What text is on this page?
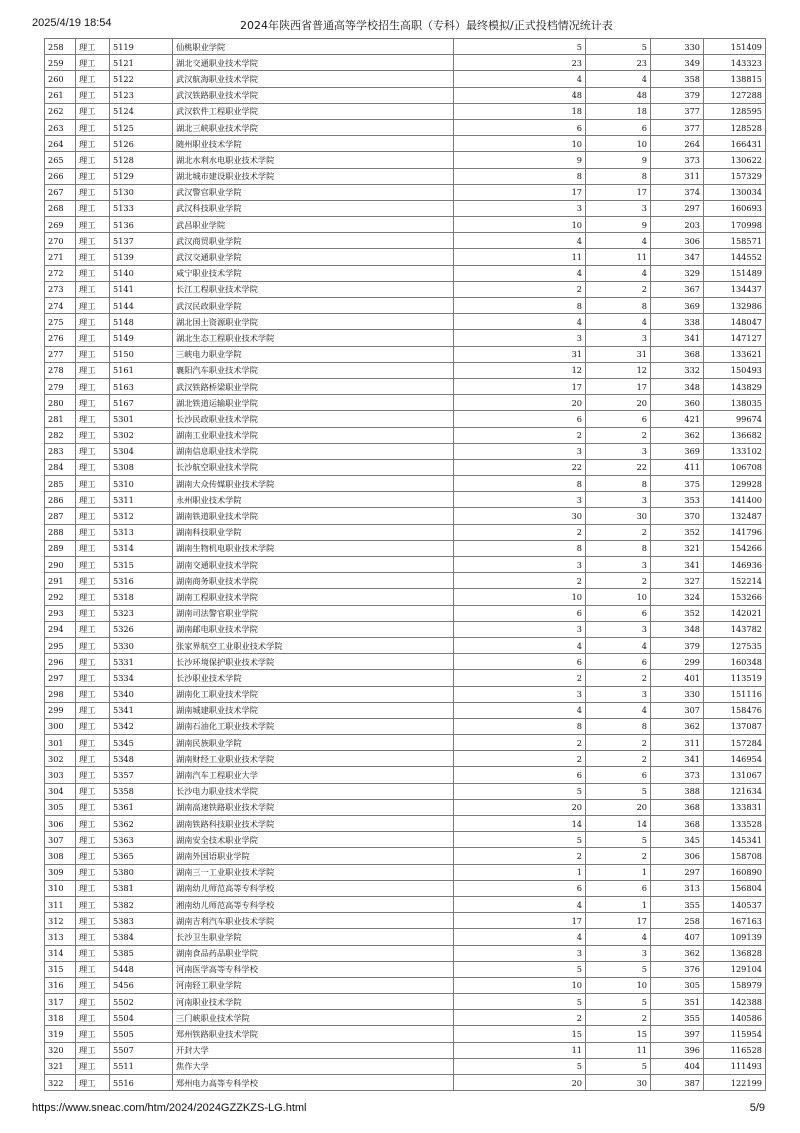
2025/4/19 18:54	2024年陕西省普通高等学校招生高职（专科）最终模拟/正式投档情况统计表
258	理工	5119	仙桃职业学院	5	5	330	151409
259	理工	5121	湖北交通职业技术学院	23	23	349	143323
260	理工	5122	武汉航海职业技术学院	4	4	358	138815
261	理工	5123	武汉铁路职业技术学院	48	48	379	127288
262	理工	5124	武汉软件工程职业学院	18	18	377	128595
263	理工	5125	湖北三峡职业技术学院	6	6	377	128528
264	理工	5126	随州职业技术学院	10	10	264	166431
265	理工	5128	湖北水利水电职业技术学院	9	9	373	130622
266	理工	5129	湖北城市建设职业技术学院	8	8	311	157329
267	理工	5130	武汉警官职业学院	17	17	374	130034
268	理工	5133	武汉科技职业学院	3	3	297	160693
269	理工	5136	武昌职业学院	10	9	203	170998
270	理工	5137	武汉商贸职业学院	4	4	306	158571
271	理工	5139	武汉交通职业学院	11	11	347	144552
272	理工	5140	咸宁职业技术学院	4	4	329	151489
273	理工	5141	长江工程职业技术学院	2	2	367	134437
274	理工	5144	武汉民政职业学院	8	8	369	132986
275	理工	5148	湖北国土资源职业学院	4	4	338	148047
276	理工	5149	湖北生态工程职业技术学院	3	3	341	147127
277	理工	5150	三峡电力职业学院	31	31	368	133621
278	理工	5161	襄阳汽车职业技术学院	12	12	332	150493
279	理工	5163	武汉铁路桥梁职业学院	17	17	348	143829
280	理工	5167	湖北铁道运输职业学院	20	20	360	138035
281	理工	5301	长沙民政职业技术学院	6	6	421	99674
282	理工	5302	湖南工业职业技术学院	2	2	362	136682
283	理工	5304	湖南信息职业技术学院	3	3	369	133102
284	理工	5308	长沙航空职业技术学院	22	22	411	106708
285	理工	5310	湖南大众传媒职业技术学院	8	8	375	129928
286	理工	5311	永州职业技术学院	3	3	353	141400
287	理工	5312	湖南铁道职业技术学院	30	30	370	132487
288	理工	5313	湖南科技职业学院	2	2	352	141796
289	理工	5314	湖南生物机电职业技术学院	8	8	321	154266
290	理工	5315	湖南交通职业技术学院	3	3	341	146936
291	理工	5316	湖南商务职业技术学院	2	2	327	152214
292	理工	5318	湖南工程职业技术学院	10	10	324	153266
293	理工	5323	湖南司法警官职业学院	6	6	352	142021
294	理工	5326	湖南邮电职业技术学院	3	3	348	143782
295	理工	5330	张家界航空工业职业技术学院	4	4	379	127535
296	理工	5331	长沙环境保护职业技术学院	6	6	299	160348
297	理工	5334	长沙职业技术学院	2	2	401	113519
298	理工	5340	湖南化工职业技术学院	3	3	330	151116
299	理工	5341	湖南城建职业技术学院	4	4	307	158476
300	理工	5342	湖南石油化工职业技术学院	8	8	362	137087
301	理工	5345	湖南民族职业学院	2	2	311	157284
302	理工	5348	湖南财经工业职业技术学院	2	2	341	146954
303	理工	5357	湖南汽车工程职业大学	6	6	373	131067
304	理工	5358	长沙电力职业技术学院	5	5	388	121634
305	理工	5361	湖南高速铁路职业技术学院	20	20	368	133831
306	理工	5362	湖南铁路科技职业技术学院	14	14	368	133528
307	理工	5363	湖南安全技术职业学院	5	5	345	145341
308	理工	5365	湖南外国语职业学院	2	2	306	158708
309	理工	5380	湖南三一工业职业技术学院	1	1	297	160890
310	理工	5381	湖南幼儿师范高等专科学校	6	6	313	156804
311	理工	5382	湘南幼儿师范高等专科学校	4	1	355	140537
312	理工	5383	湖南吉利汽车职业技术学院	17	17	258	167163
313	理工	5384	长沙卫生职业学院	4	4	407	109139
314	理工	5385	湖南食品药品职业学院	3	3	362	136828
315	理工	5448	河南医学高等专科学校	5	5	376	129104
316	理工	5456	河南轻工职业学院	10	10	305	158979
317	理工	5502	河南职业技术学院	5	5	351	142388
318	理工	5504	三门峡职业技术学院	2	2	355	140586
319	理工	5505	郑州铁路职业技术学院	15	15	397	115954
320	理工	5507	开封大学	11	11	396	116528
321	理工	5511	焦作大学	5	5	404	111493
322	理工	5516	郑州电力高等专科学校	20	30	387	122199
https://www.sneac.com/htm/2024/2024GZZKZS-LG.html	5/9
